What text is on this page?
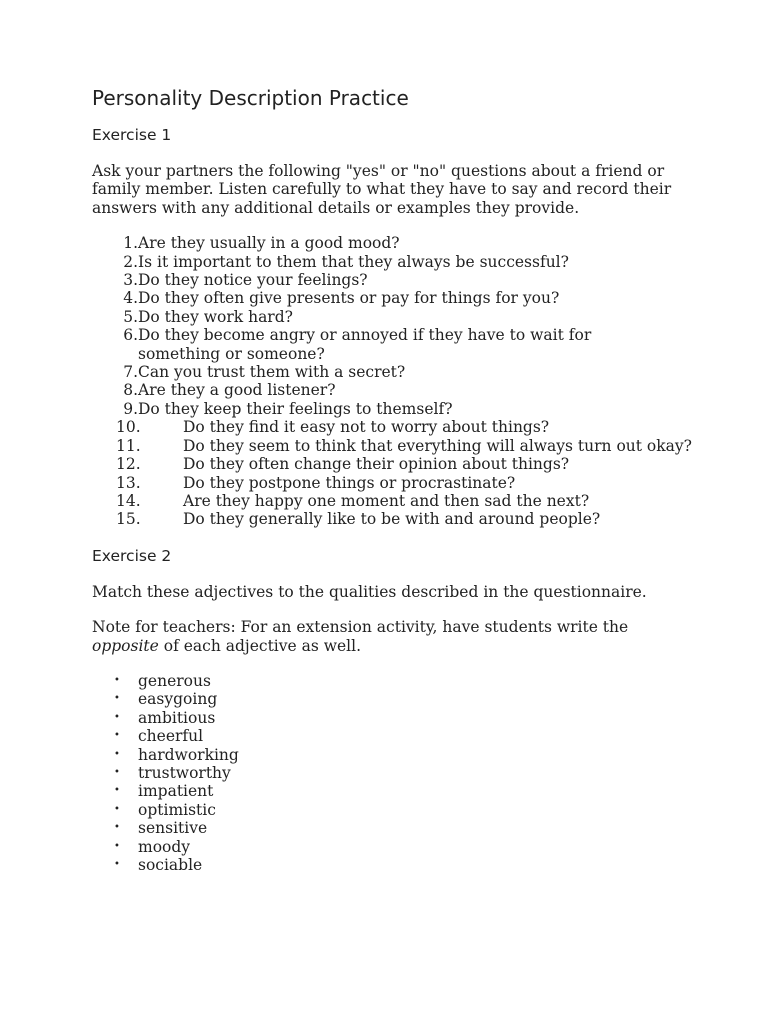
Personality Description Practice
Exercise 1

Ask your partners the following "yes" or "no" questions about a friend or family member. Listen carefully to what they have to say and record their answers with any additional details or examples they provide.

1. Are they usually in a good mood?
2. Is it important to them that they always be successful?
3. Do they notice your feelings?
4. Do they often give presents or pay for things for you?
5. Do they work hard?
6. Do they become angry or annoyed if they have to wait for something or someone?
7. Can you trust them with a secret?
8. Are they a good listener?
9. Do they keep their feelings to themself?
10.	Do they find it easy not to worry about things?
11.	Do they seem to think that everything will always turn out okay?
12.	Do they often change their opinion about things?
13.	Do they postpone things or procrastinate?
14.	Are they happy one moment and then sad the next?
15.	Do they generally like to be with and around people?
Exercise 2

Match these adjectives to the qualities described in the questionnaire.

Note for teachers: For an extension activity, have students write the opposite of each adjective as well.

•	generous
•	easygoing
•	ambitious
•	cheerful
•	hardworking
•	trustworthy
•	impatient
•	optimistic
•	sensitive
•	moody
•	sociable
